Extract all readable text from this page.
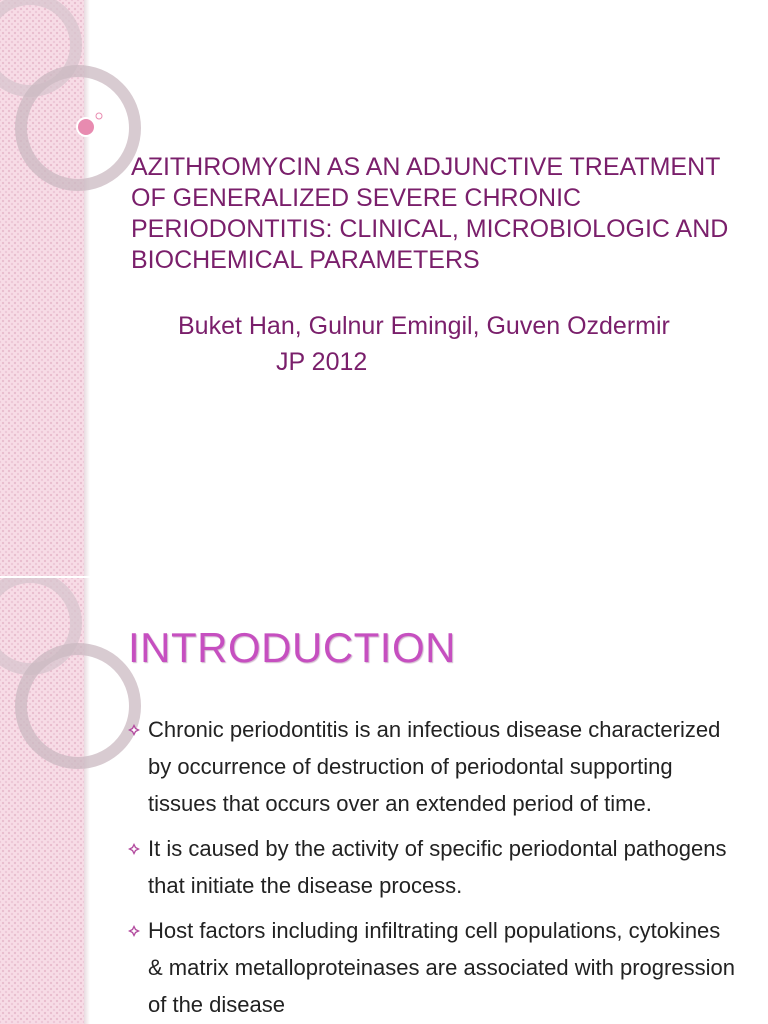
AZITHROMYCIN AS AN ADJUNCTIVE TREATMENT OF GENERALIZED SEVERE CHRONIC PERIODONTITIS: CLINICAL, MICROBIOLOGIC AND BIOCHEMICAL PARAMETERS

Buket Han, Gulnur Emingil, Guven Ozdermir

JP 2012

INTRODUCTION
Chronic periodontitis is an infectious disease characterized by occurrence of destruction of periodontal supporting tissues that occurs over an extended period of time.
It is caused by the activity of specific periodontal pathogens that initiate the disease process.
Host factors including infiltrating cell populations, cytokines & matrix metalloproteinases are associated with progression of the disease
